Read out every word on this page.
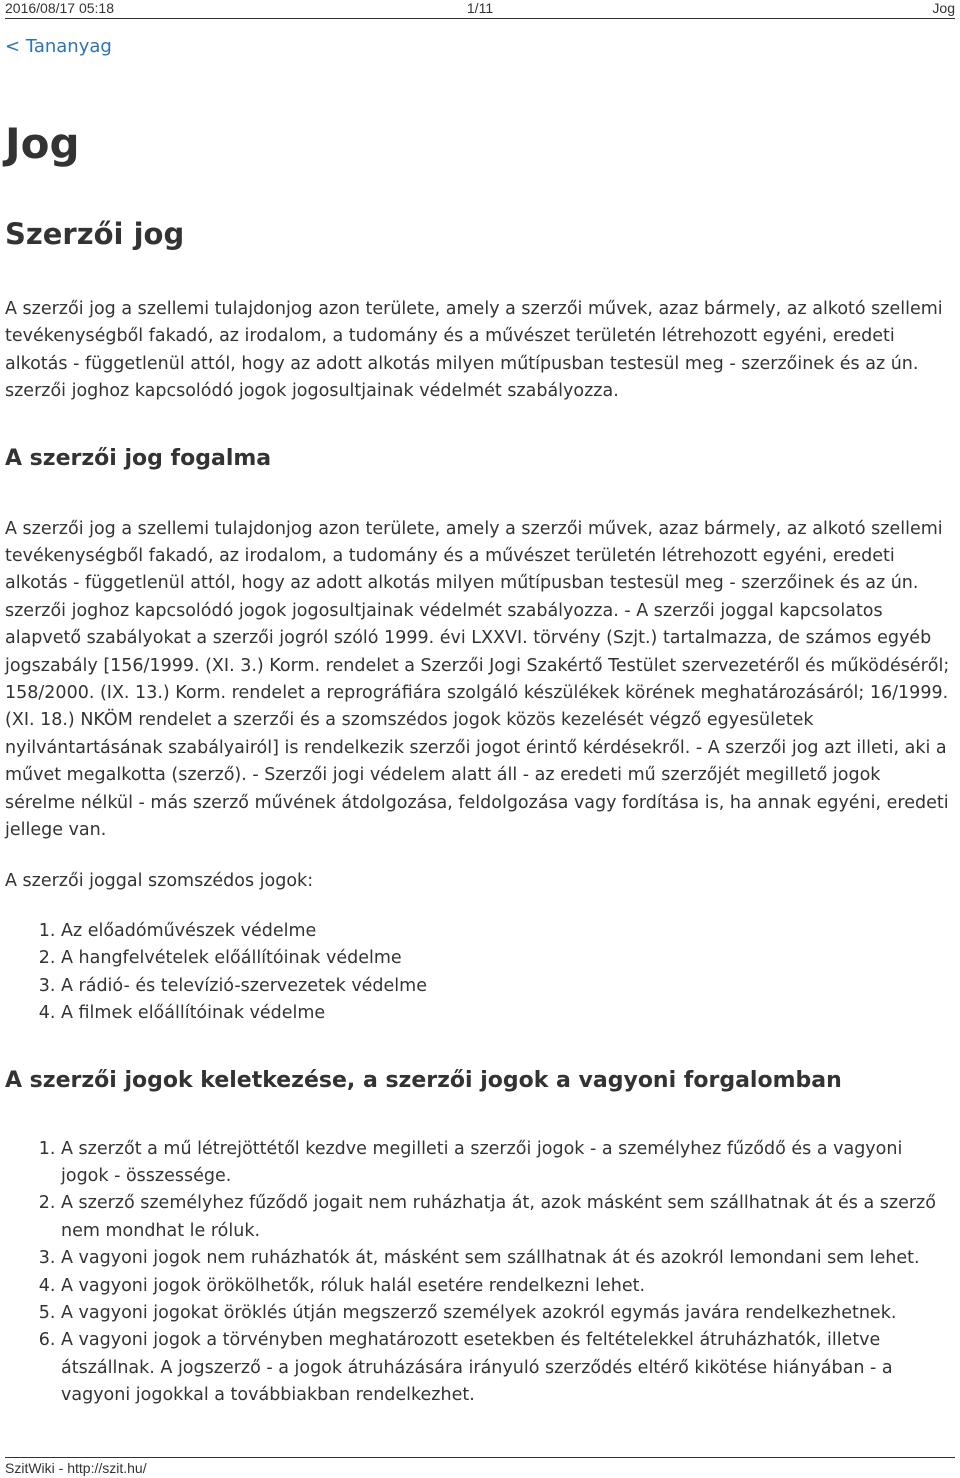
2016/08/17 05:18	1/11	Jog
< Tananyag
Jog
Szerzői jog

A szerzői jog a szellemi tulajdonjog azon területe, amely a szerzői művek, azaz bármely, az alkotó szellemi tevékenységből fakadó, az irodalom, a tudomány és a művészet területén létrehozott egyéni, eredeti alkotás - függetlenül attól, hogy az adott alkotás milyen műtípusban testesül meg - szerzőinek és az ún. szerzői joghoz kapcsolódó jogok jogosultjainak védelmét szabályozza.

A szerzői jog fogalma

A szerzői jog a szellemi tulajdonjog azon területe, amely a szerzői művek, azaz bármely, az alkotó szellemi tevékenységből fakadó, az irodalom, a tudomány és a művészet területén létrehozott egyéni, eredeti alkotás - függetlenül attól, hogy az adott alkotás milyen műtípusban testesül meg - szerzőinek és az ún. szerzői joghoz kapcsolódó jogok jogosultjainak védelmét szabályozza. - A szerzői joggal kapcsolatos alapvető szabályokat a szerzői jogról szóló 1999. évi LXXVI. törvény (Szjt.) tartalmazza, de számos egyéb jogszabály [156/1999. (XI. 3.) Korm. rendelet a Szerzői Jogi Szakértő Testület szervezetéről és működéséről; 158/2000. (IX. 13.) Korm. rendelet a reprográfiára szolgáló készülékek körének meghatározásáról; 16/1999. (XI. 18.) NKÖM rendelet a szerzői és a szomszédos jogok közös kezelését végző egyesületek nyilvántartásának szabályairól] is rendelkezik szerzői jogot érintő kérdésekről. - A szerzői jog azt illeti, aki a művet megalkotta (szerző). - Szerzői jogi védelem alatt áll - az eredeti mű szerzőjét megillető jogok sérelme nélkül - más szerző művének átdolgozása, feldolgozása vagy fordítása is, ha annak egyéni, eredeti jellege van.

A szerzői joggal szomszédos jogok:

1. Az előadóművészek védelme
2. A hangfelvételek előállítóinak védelme
3. A rádió- és televízió-szervezetek védelme
4. A filmek előállítóinak védelme
A szerzői jogok keletkezése, a szerzői jogok a vagyoni forgalomban
1. A szerzőt a mű létrejöttétől kezdve megilleti a szerzői jogok - a személyhez fűződő és a vagyoni jogok - összessége.
2. A szerző személyhez fűződő jogait nem ruházhatja át, azok másként sem szállhatnak át és a szerző nem mondhat le róluk.
3. A vagyoni jogok nem ruházhatók át, másként sem szállhatnak át és azokról lemondani sem lehet.
4. A vagyoni jogok örökölhetők, róluk halál esetére rendelkezni lehet.
5. A vagyoni jogokat öröklés útján megszerző személyek azokról egymás javára rendelkezhetnek.
6. A vagyoni jogok a törvényben meghatározott esetekben és feltételekkel átruházhatók, illetve átszállnak. A jogszerző - a jogok átruházására irányuló szerződés eltérő kikötése hiányában - a vagyoni jogokkal a továbbiakban rendelkezhet.
SzitWiki - http://szit.hu/
